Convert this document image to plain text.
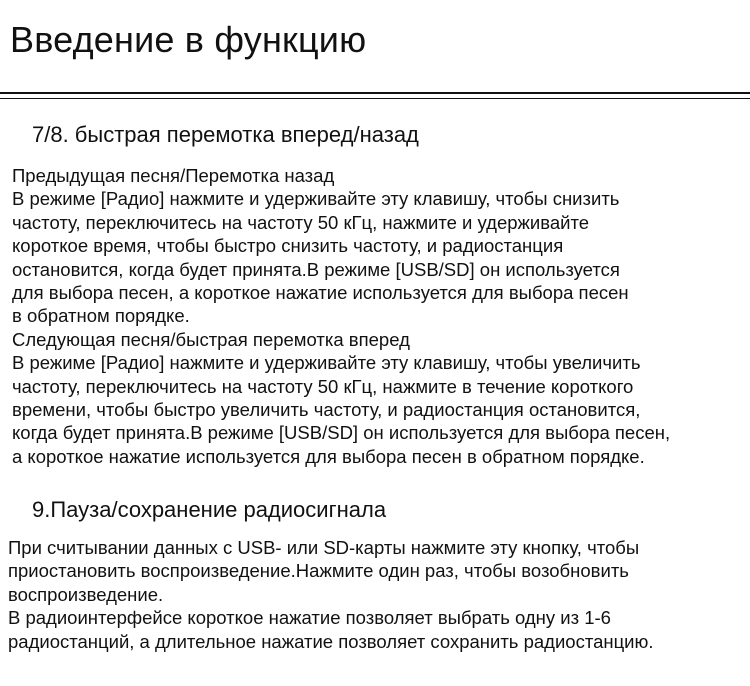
Введение в функцию
7/8. быстрая перемотка вперед/назад
Предыдущая песня/Перемотка назад
В режиме [Радио] нажмите и удерживайте эту клавишу, чтобы снизить
частоту, переключитесь на частоту 50 кГц, нажмите и удерживайте
короткое время, чтобы быстро снизить частоту, и радиостанция
остановится, когда будет принята.В режиме [USB/SD] он используется
для выбора песен, а короткое нажатие используется для выбора песен
в обратном порядке.
Следующая песня/быстрая перемотка вперед
В режиме [Радио] нажмите и удерживайте эту клавишу, чтобы увеличить
частоту, переключитесь на частоту 50 кГц, нажмите в течение короткого
времени, чтобы быстро увеличить частоту, и радиостанция остановится,
когда будет принята.В режиме [USB/SD] он используется для выбора песен,
а короткое нажатие используется для выбора песен в обратном порядке.
9.Пауза/сохранение радиосигнала
При считывании данных с USB- или SD-карты нажмите эту кнопку, чтобы
приостановить воспроизведение.Нажмите один раз, чтобы возобновить
воспроизведение.
В радиоинтерфейсе короткое нажатие позволяет выбрать одну из 1-6
радиостанций, а длительное нажатие позволяет сохранить радиостанцию.
